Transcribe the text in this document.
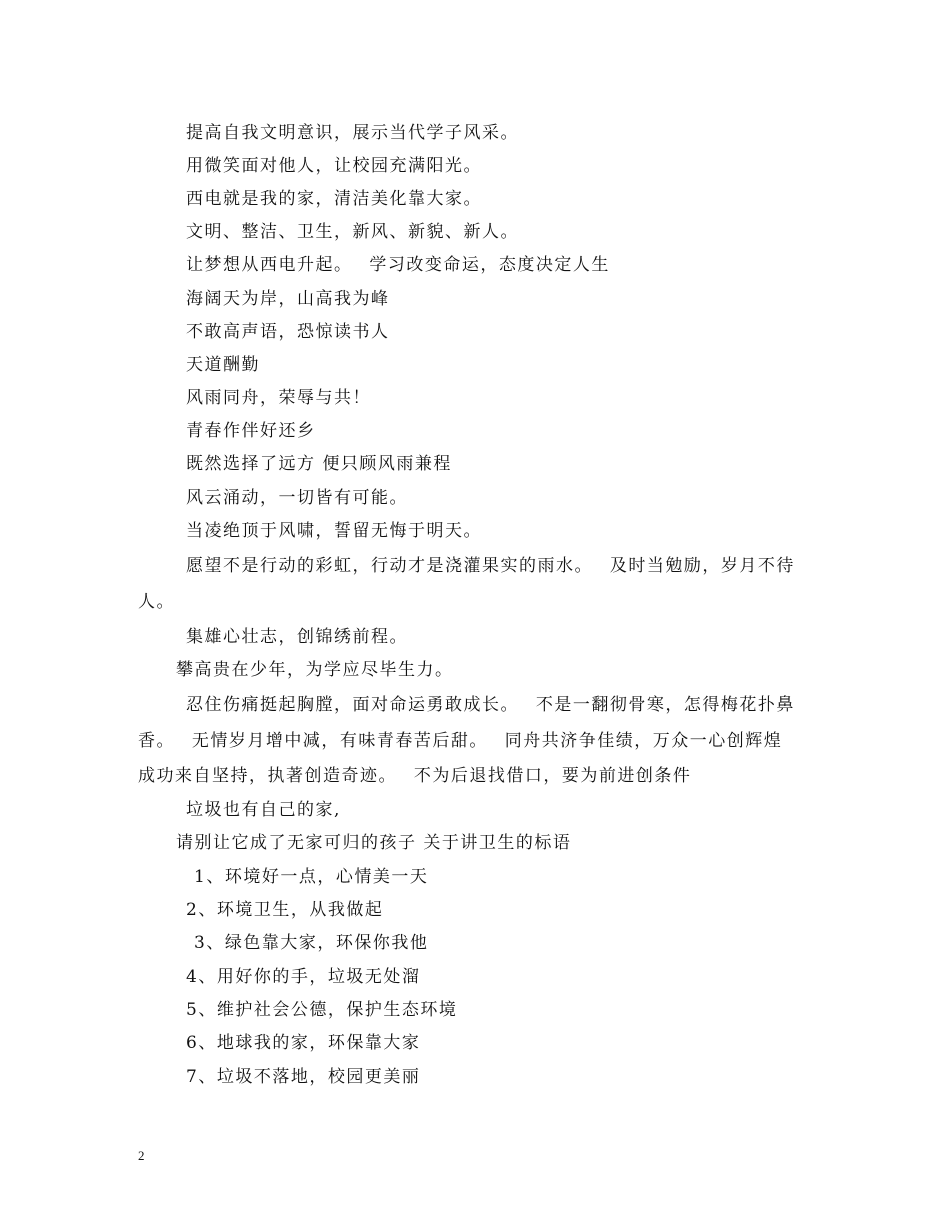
提高自我文明意识，展示当代学子风采。
用微笑面对他人，让校园充满阳光。
西电就是我的家，清洁美化靠大家。
文明、整洁、卫生，新风、新貌、新人。
让梦想从西电升起。　 学习改变命运，态度决定人生
海阔天为岸，山高我为峰
不敢高声语，恐惊读书人
天道酬勤
风雨同舟，荣辱与共！
青春作伴好还乡
既然选择了远方 便只顾风雨兼程
风云涌动，一切皆有可能。
当凌绝顶于风啸，誓留无悔于明天。
愿望不是行动的彩虹，行动才是浇灌果实的雨水。　 及时当勉励，岁月不待
人。
集雄心壮志，创锦绣前程。
攀高贵在少年，为学应尽毕生力。
忍住伤痛挺起胸膛，面对命运勇敢成长。　 不是一翻彻骨寒，怎得梅花扑鼻
香。　 无情岁月增中减，有味青春苦后甜。　 同舟共济争佳绩，万众一心创辉煌
成功来自坚持，执著创造奇迹。　 不为后退找借口，要为前进创条件
垃圾也有自己的家,
请别让它成了无家可归的孩子 关于讲卫生的标语
1、环境好一点，心情美一天
2、环境卫生，从我做起
3、绿色靠大家，环保你我他
4、用好你的手，垃圾无处溜
5、维护社会公德，保护生态环境
6、地球我的家，环保靠大家
7、垃圾不落地，校园更美丽
2
